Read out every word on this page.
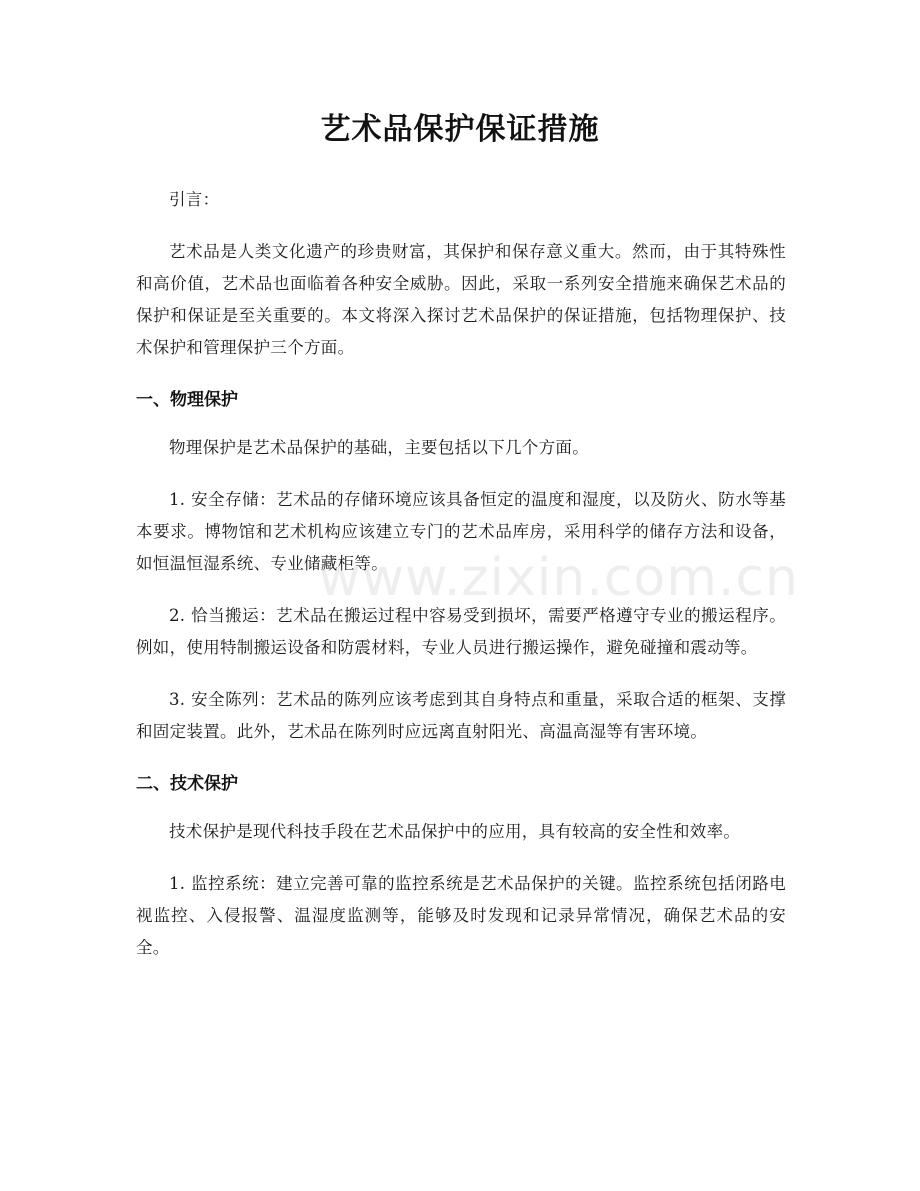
艺术品保护保证措施

引言：

艺术品是人类文化遗产的珍贵财富，其保护和保存意义重大。然而，由于其特殊性和高价值，艺术品也面临着各种安全威胁。因此，采取一系列安全措施来确保艺术品的保护和保证是至关重要的。本文将深入探讨艺术品保护的保证措施，包括物理保护、技术保护和管理保护三个方面。

一、物理保护

物理保护是艺术品保护的基础，主要包括以下几个方面。

1. 安全存储：艺术品的存储环境应该具备恒定的温度和湿度，以及防火、防水等基本要求。博物馆和艺术机构应该建立专门的艺术品库房，采用科学的储存方法和设备，如恒温恒湿系统、专业储藏柜等。

2. 恰当搬运：艺术品在搬运过程中容易受到损坏，需要严格遵守专业的搬运程序。例如，使用特制搬运设备和防震材料，专业人员进行搬运操作，避免碰撞和震动等。

3. 安全陈列：艺术品的陈列应该考虑到其自身特点和重量，采取合适的框架、支撑和固定装置。此外，艺术品在陈列时应远离直射阳光、高温高湿等有害环境。

二、技术保护

技术保护是现代科技手段在艺术品保护中的应用，具有较高的安全性和效率。

1. 监控系统：建立完善可靠的监控系统是艺术品保护的关键。监控系统包括闭路电视监控、入侵报警、温湿度监测等，能够及时发现和记录异常情况，确保艺术品的安全。

www.zixin.com.cn
